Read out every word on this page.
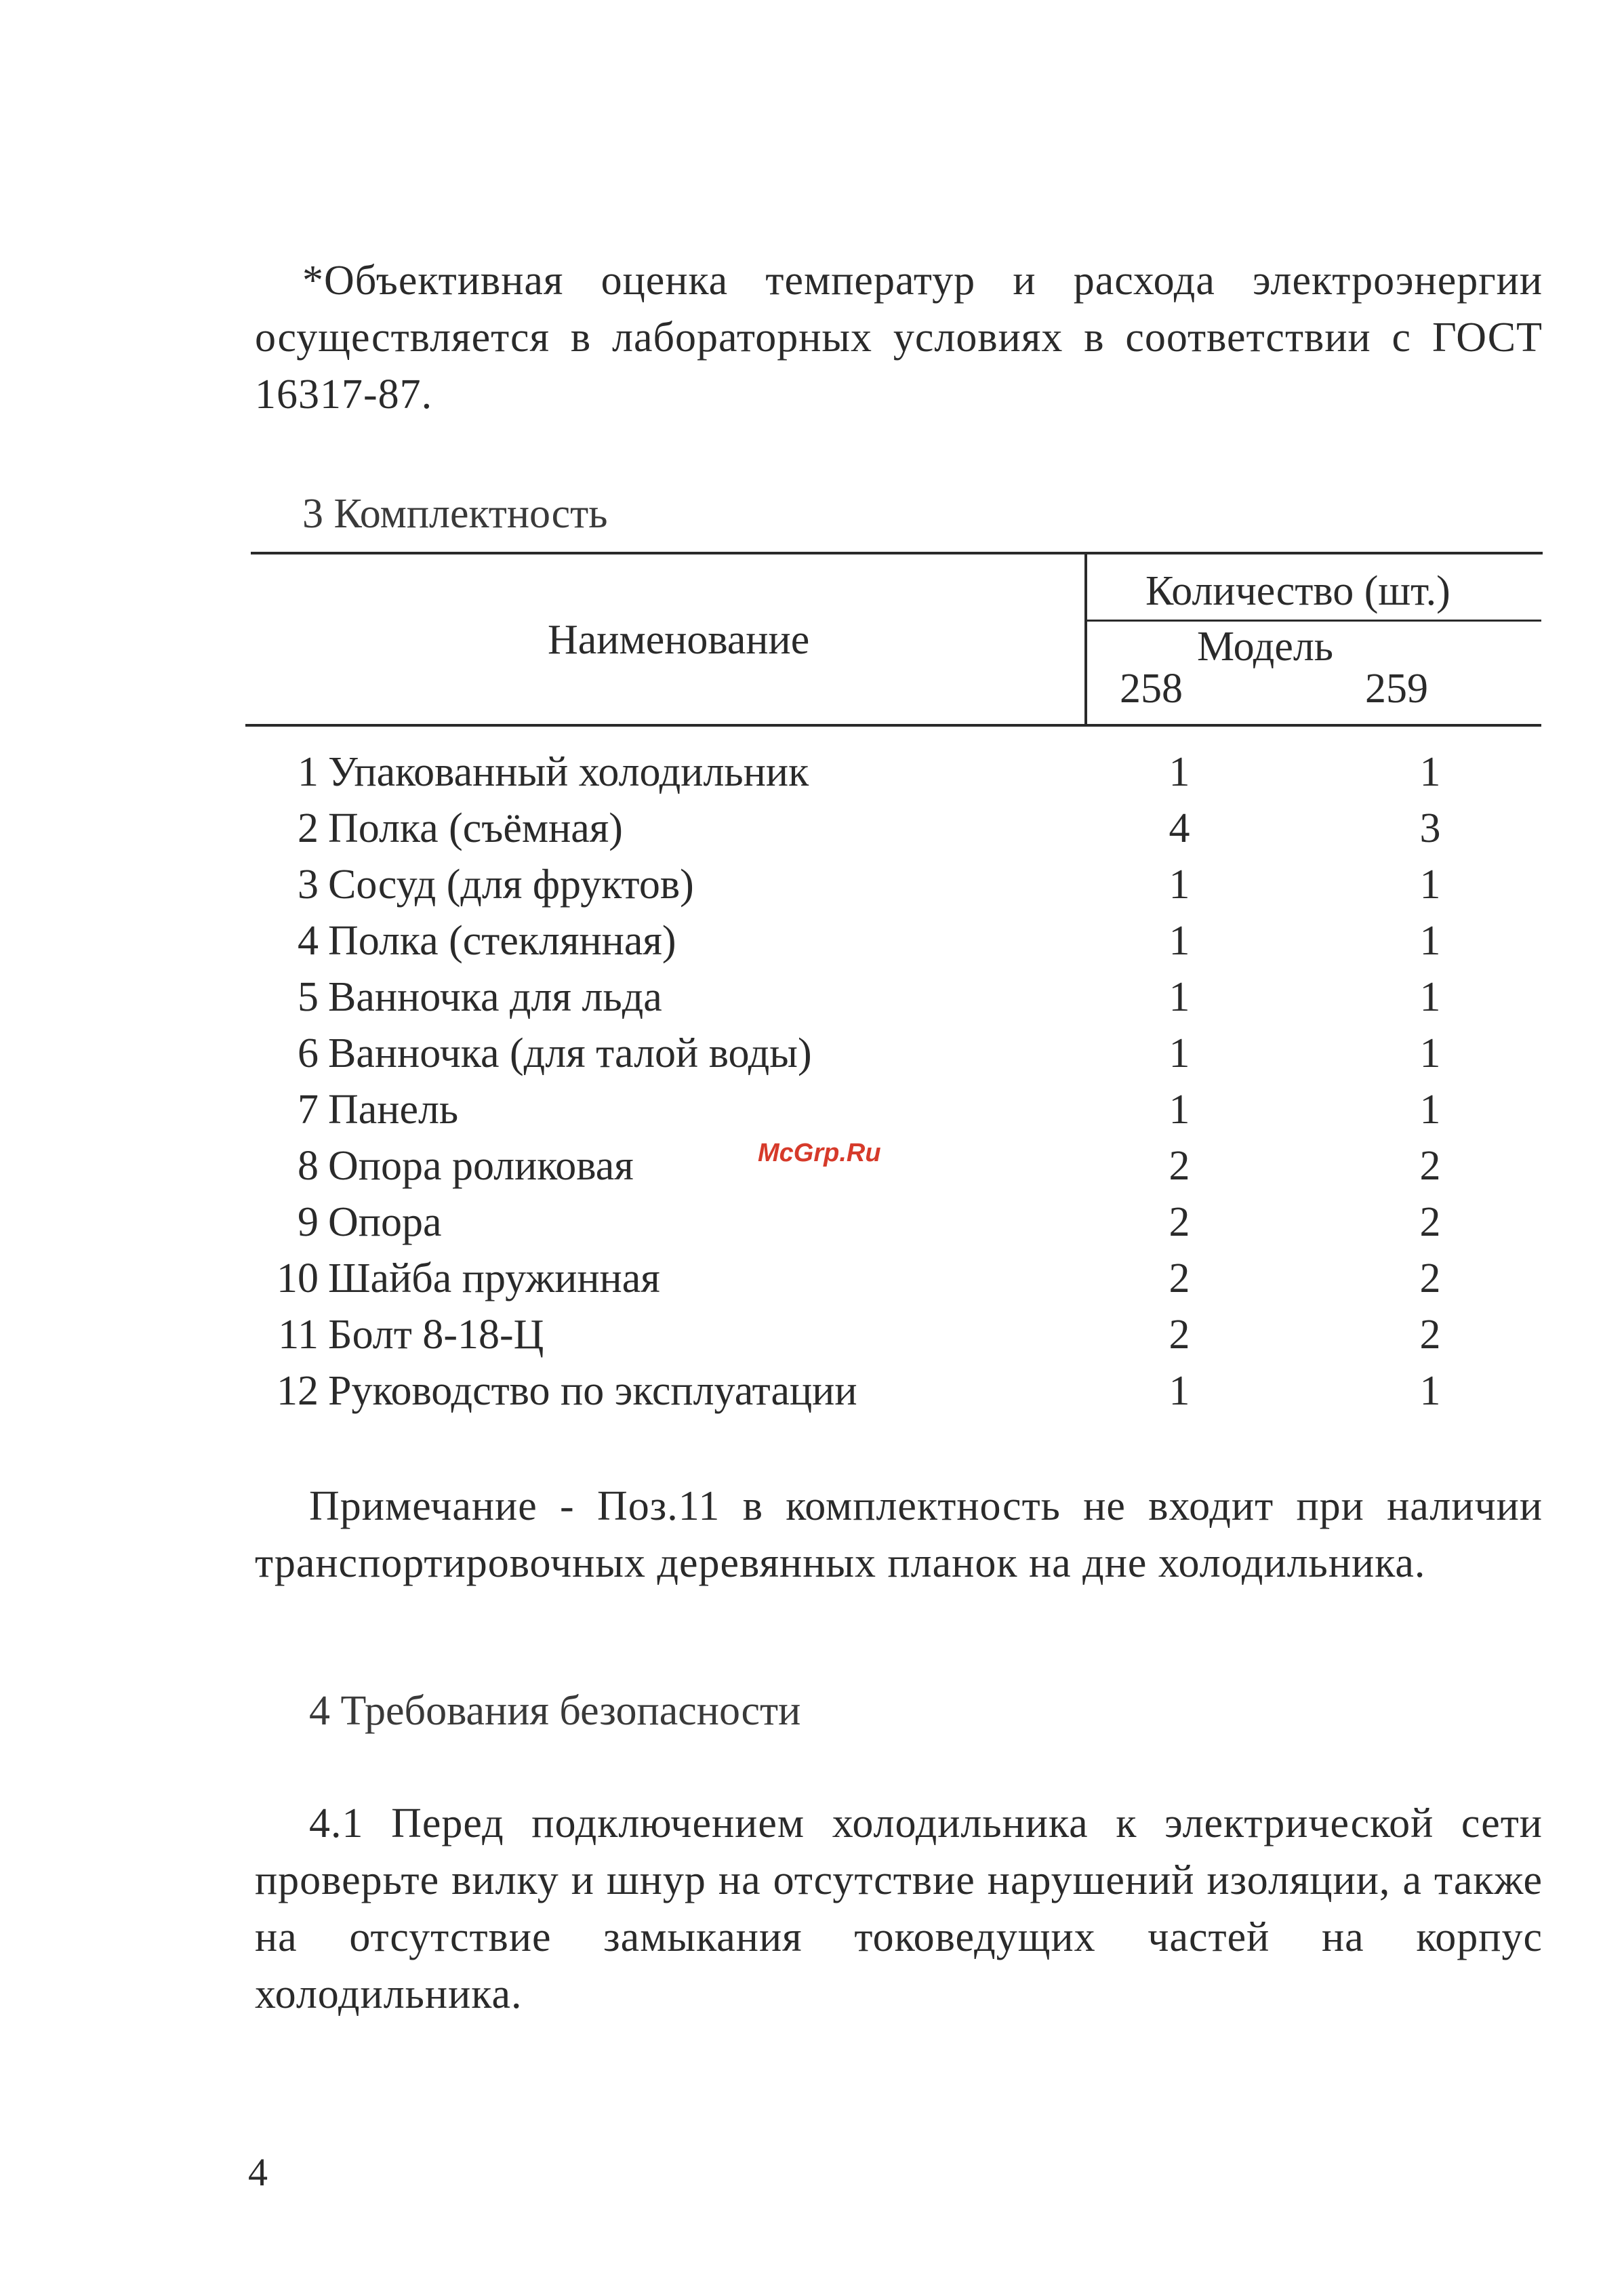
*Объективная оценка температур и расхода электроэнергии осуществляется в лабораторных условиях в соответствии с ГОСТ 16317-87.

3 Комплектность
Наименование
Количество (шт.)
Модель
258	259
1 Упакованный холодильник	1	1
2 Полка (съёмная)	4	3
3 Сосуд (для фруктов)	1	1
4 Полка (стеклянная)	1	1
5 Ванночка для льда	1	1
6 Ванночка (для талой воды)	1	1
7 Панель	1	1
8 Опора роликовая	2	2
9 Опора	2	2
10 Шайба пружинная	2	2
11 Болт 8-18-Ц	2	2
12 Руководство по эксплуатации	1	1
McGrp.Ru

Примечание - Поз.11 в комплектность не входит при наличии транспортировочных деревянных планок на дне холодильника.

4 Требования безопасности

4.1 Перед подключением холодильника к электрической сети проверьте вилку и шнур на отсутствие нарушений изоляции, а также на отсутствие замыкания токоведущих частей на корпус холодильника.

4
